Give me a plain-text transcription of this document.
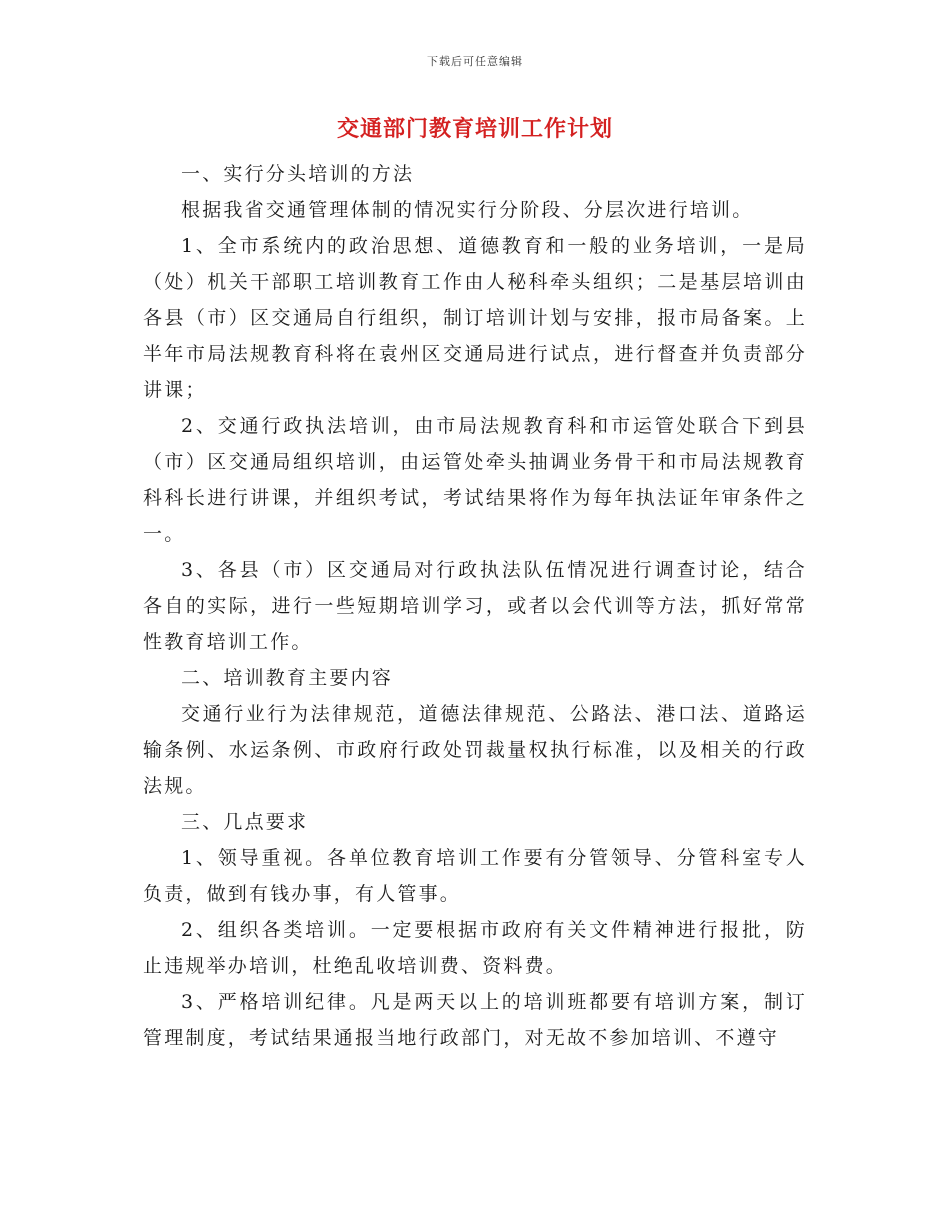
下载后可任意编辑
交通部门教育培训工作计划

一、实行分头培训的方法

根据我省交通管理体制的情况实行分阶段、分层次进行培训。

1、全市系统内的政治思想、道德教育和一般的业务培训，一是局（处）机关干部职工培训教育工作由人秘科牵头组织；二是基层培训由各县（市）区交通局自行组织，制订培训计划与安排，报市局备案。上半年市局法规教育科将在袁州区交通局进行试点，进行督查并负责部分讲课；

2、交通行政执法培训，由市局法规教育科和市运管处联合下到县（市）区交通局组织培训，由运管处牵头抽调业务骨干和市局法规教育科科长进行讲课，并组织考试，考试结果将作为每年执法证年审条件之一。

3、各县（市）区交通局对行政执法队伍情况进行调查讨论，结合各自的实际，进行一些短期培训学习，或者以会代训等方法，抓好常常性教育培训工作。

二、培训教育主要内容

交通行业行为法律规范，道德法律规范、公路法、港口法、道路运输条例、水运条例、市政府行政处罚裁量权执行标准，以及相关的行政法规。

三、几点要求

1、领导重视。各单位教育培训工作要有分管领导、分管科室专人负责，做到有钱办事，有人管事。

2、组织各类培训。一定要根据市政府有关文件精神进行报批，防止违规举办培训，杜绝乱收培训费、资料费。

3、严格培训纪律。凡是两天以上的培训班都要有培训方案，制订管理制度，考试结果通报当地行政部门，对无故不参加培训、不遵守
